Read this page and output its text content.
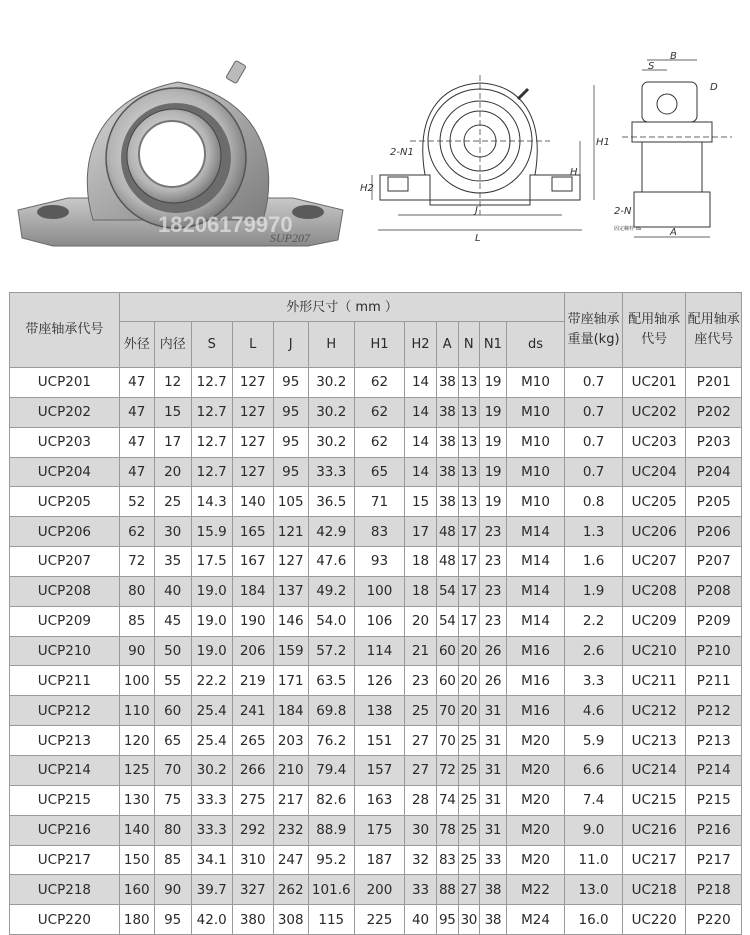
18206179970
SUP207
2-N1
H2
J
L
H1
H
B
S
D
2-N
A
固定螺栓 ds
带座轴承代号	外形尺寸（ mm ）												带座轴承重量(kg)	配用轴承代号	配用轴承座代号
	外径	内径	S	L	J	H	H1	H2	A	N	N1	ds			
UCP201	47	12	12.7	127	95	30.2	62	14	38	13	19	M10	0.7	UC201	P201
UCP202	47	15	12.7	127	95	30.2	62	14	38	13	19	M10	0.7	UC202	P202
UCP203	47	17	12.7	127	95	30.2	62	14	38	13	19	M10	0.7	UC203	P203
UCP204	47	20	12.7	127	95	33.3	65	14	38	13	19	M10	0.7	UC204	P204
UCP205	52	25	14.3	140	105	36.5	71	15	38	13	19	M10	0.8	UC205	P205
UCP206	62	30	15.9	165	121	42.9	83	17	48	17	23	M14	1.3	UC206	P206
UCP207	72	35	17.5	167	127	47.6	93	18	48	17	23	M14	1.6	UC207	P207
UCP208	80	40	19.0	184	137	49.2	100	18	54	17	23	M14	1.9	UC208	P208
UCP209	85	45	19.0	190	146	54.0	106	20	54	17	23	M14	2.2	UC209	P209
UCP210	90	50	19.0	206	159	57.2	114	21	60	20	26	M16	2.6	UC210	P210
UCP211	100	55	22.2	219	171	63.5	126	23	60	20	26	M16	3.3	UC211	P211
UCP212	110	60	25.4	241	184	69.8	138	25	70	20	31	M16	4.6	UC212	P212
UCP213	120	65	25.4	265	203	76.2	151	27	70	25	31	M20	5.9	UC213	P213
UCP214	125	70	30.2	266	210	79.4	157	27	72	25	31	M20	6.6	UC214	P214
UCP215	130	75	33.3	275	217	82.6	163	28	74	25	31	M20	7.4	UC215	P215
UCP216	140	80	33.3	292	232	88.9	175	30	78	25	31	M20	9.0	UC216	P216
UCP217	150	85	34.1	310	247	95.2	187	32	83	25	33	M20	11.0	UC217	P217
UCP218	160	90	39.7	327	262	101.6	200	33	88	27	38	M22	13.0	UC218	P218
UCP220	180	95	42.0	380	308	115	225	40	95	30	38	M24	16.0	UC220	P220
